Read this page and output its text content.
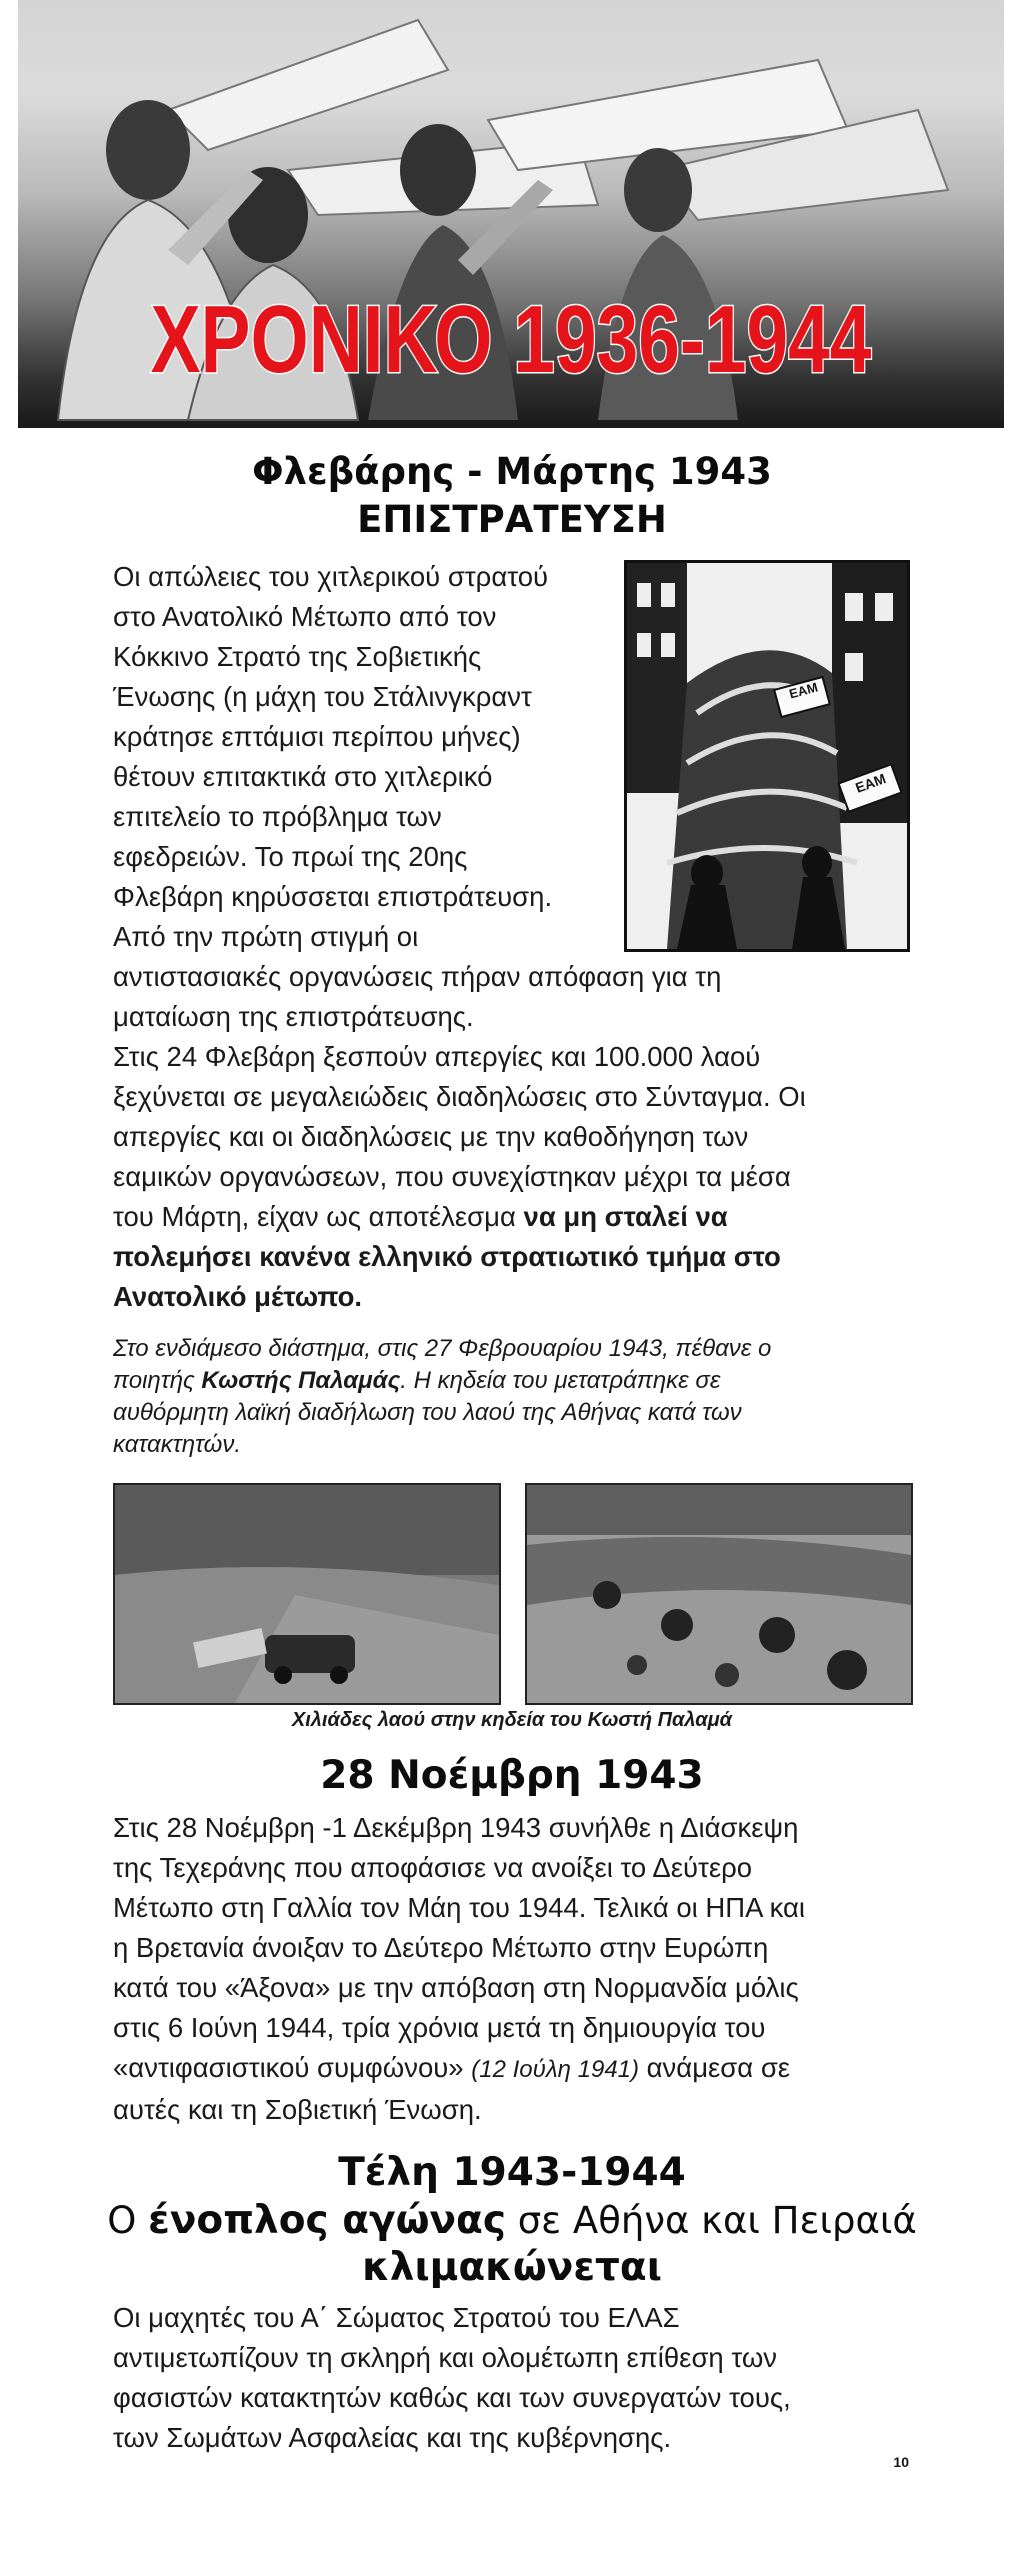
ΧΡΟΝΙΚΟ 1936-1944
Φλεβάρης - Μάρτης 1943
ΕΠΙΣΤΡΑΤΕΥΣΗ
ΕΑΜ
ΕΑΜ

Οι απώλειες του χιτλερικού στρατού

στο Ανατολικό Μέτωπο από τον

Κόκκινο Στρατό της Σοβιετικής

Ένωσης (η μάχη του Στάλινγκραντ

κράτησε επτάμισι περίπου μήνες)

θέτουν επιτακτικά στο χιτλερικό

επιτελείο το πρόβλημα των

εφεδρειών. Το πρωί της 20ης

Φλεβάρη κηρύσσεται επιστράτευση.

Από την πρώτη στιγμή οι

αντιστασιακές οργανώσεις πήραν απόφαση για τη

ματαίωση της επιστράτευσης.

Στις 24 Φλεβάρη ξεσπούν απεργίες και 100.000 λαού

ξεχύνεται σε μεγαλειώδεις διαδηλώσεις στο Σύνταγμα. Οι

απεργίες και οι διαδηλώσεις με την καθοδήγηση των

εαμικών οργανώσεων, που συνεχίστηκαν μέχρι τα μέσα

του Μάρτη, είχαν ως αποτέλεσμα να μη σταλεί να

πολεμήσει κανένα ελληνικό στρατιωτικό τμήμα στο

Ανατολικό μέτωπο.

Στο ενδιάμεσο διάστημα, στις 27 Φεβρουαρίου 1943, πέθανε ο
ποιητής Κωστής Παλαμάς. Η κηδεία του μετατράπηκε σε
αυθόρμητη λαϊκή διαδήλωση του λαού της Αθήνας κατά των
κατακτητών.
Χιλιάδες λαού στην κηδεία του Κωστή Παλαμά
28 Νοέμβρη 1943

Στις 28 Νοέμβρη -1 Δεκέμβρη 1943 συνήλθε η Διάσκεψη

της Τεχεράνης που αποφάσισε να ανοίξει το Δεύτερο

Μέτωπο στη Γαλλία τον Μάη του 1944. Τελικά οι ΗΠΑ και

η Βρετανία άνοιξαν το Δεύτερο Μέτωπο στην Ευρώπη

κατά του «Άξονα» με την απόβαση στη Νορμανδία μόλις

στις 6 Ιούνη 1944, τρία χρόνια μετά τη δημιουργία του

«αντιφασιστικού συμφώνου» (12 Ιούλη 1941) ανάμεσα σε

αυτές και τη Σοβιετική Ένωση.

Τέλη 1943-1944
Ο ένοπλος αγώνας σε Αθήνα και Πειραιά
κλιμακώνεται

Οι μαχητές του Α΄ Σώματος Στρατού του ΕΛΑΣ

αντιμετωπίζουν τη σκληρή και ολομέτωπη επίθεση των

φασιστών κατακτητών καθώς και των συνεργατών τους,

των Σωμάτων Ασφαλείας και της κυβέρνησης.

10
